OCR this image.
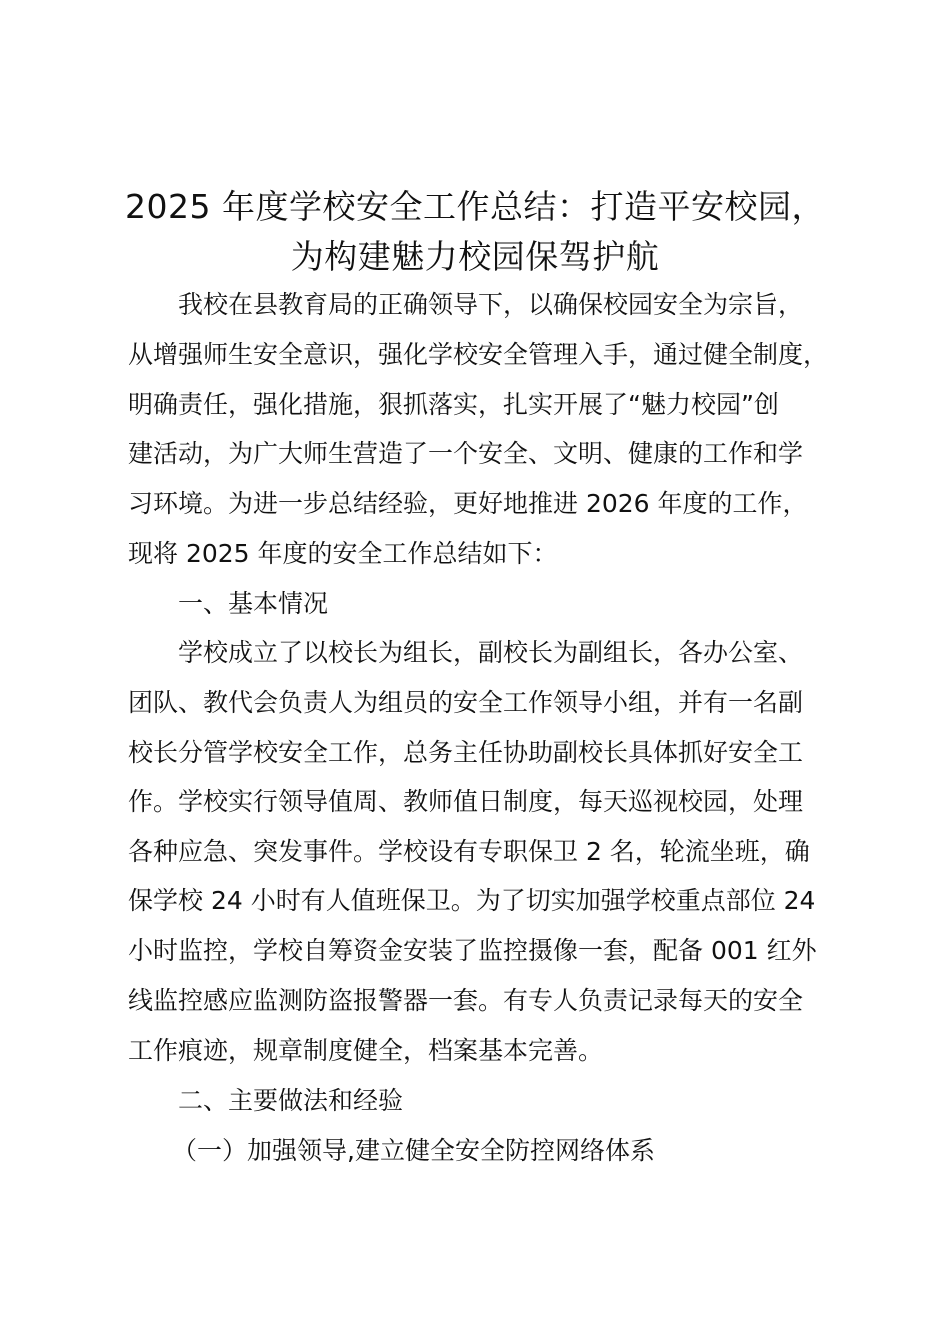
2025 年度学校安全工作总结：打造平安校园，
为构建魅力校园保驾护航
我校在县教育局的正确领导下，以确保校园安全为宗旨，
从增强师生安全意识，强化学校安全管理入手，通过健全制度，
明确责任，强化措施，狠抓落实，扎实开展了“魅力校园”创
建活动，为广大师生营造了一个安全、文明、健康的工作和学
习环境。为进一步总结经验，更好地推进 2026 年度的工作，
现将 2025 年度的安全工作总结如下：
一、基本情况
学校成立了以校长为组长，副校长为副组长，各办公室、
团队、教代会负责人为组员的安全工作领导小组，并有一名副
校长分管学校安全工作，总务主任协助副校长具体抓好安全工
作。学校实行领导值周、教师值日制度，每天巡视校园，处理
各种应急、突发事件。学校设有专职保卫 2 名，轮流坐班，确
保学校 24 小时有人值班保卫。为了切实加强学校重点部位 24
小时监控，学校自筹资金安装了监控摄像一套，配备 001 红外
线监控感应监测防盗报警器一套。有专人负责记录每天的安全
工作痕迹，规章制度健全，档案基本完善。
二、主要做法和经验
（一）加强领导,建立健全安全防控网络体系
